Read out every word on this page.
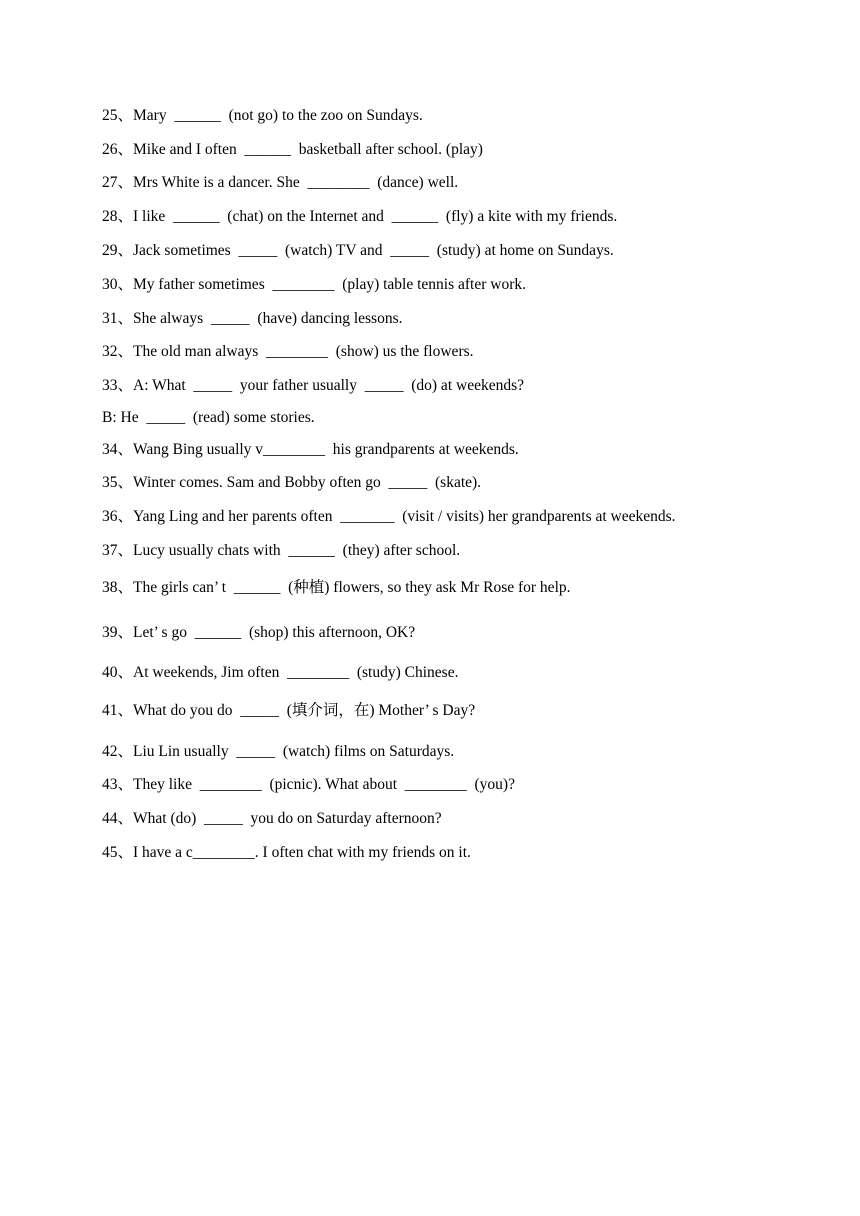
25、Mary  ______  (not go) to the zoo on Sundays.
26、Mike and I often  ______  basketball after school. (play)
27、Mrs White is a dancer. She  ________  (dance) well.
28、I like  ______  (chat) on the Internet and  ______  (fly) a kite with my friends.
29、Jack sometimes  _____  (watch) TV and  _____  (study) at home on Sundays.
30、My father sometimes  ________  (play) table tennis after work.
31、She always  _____  (have) dancing lessons.
32、The old man always  ________  (show) us the flowers.
33、A: What  _____  your father usually  _____  (do) at weekends?
B: He  _____  (read) some stories.
34、Wang Bing usually v________  his grandparents at weekends.
35、Winter comes. Sam and Bobby often go  _____  (skate).
36、Yang Ling and her parents often  _______  (visit / visits) her grandparents at weekends.
37、Lucy usually chats with  ______  (they) after school.
38、The girls can’ t  ______  (种植) flowers, so they ask Mr Rose for help.
39、Let’ s go  ______  (shop) this afternoon, OK?
40、At weekends, Jim often  ________  (study) Chinese.
41、What do you do  _____  (填介词，在) Mother’ s Day?
42、Liu Lin usually  _____  (watch) films on Saturdays.
43、They like  ________  (picnic). What about  ________  (you)?
44、What (do)  _____  you do on Saturday afternoon?
45、I have a c________. I often chat with my friends on it.
